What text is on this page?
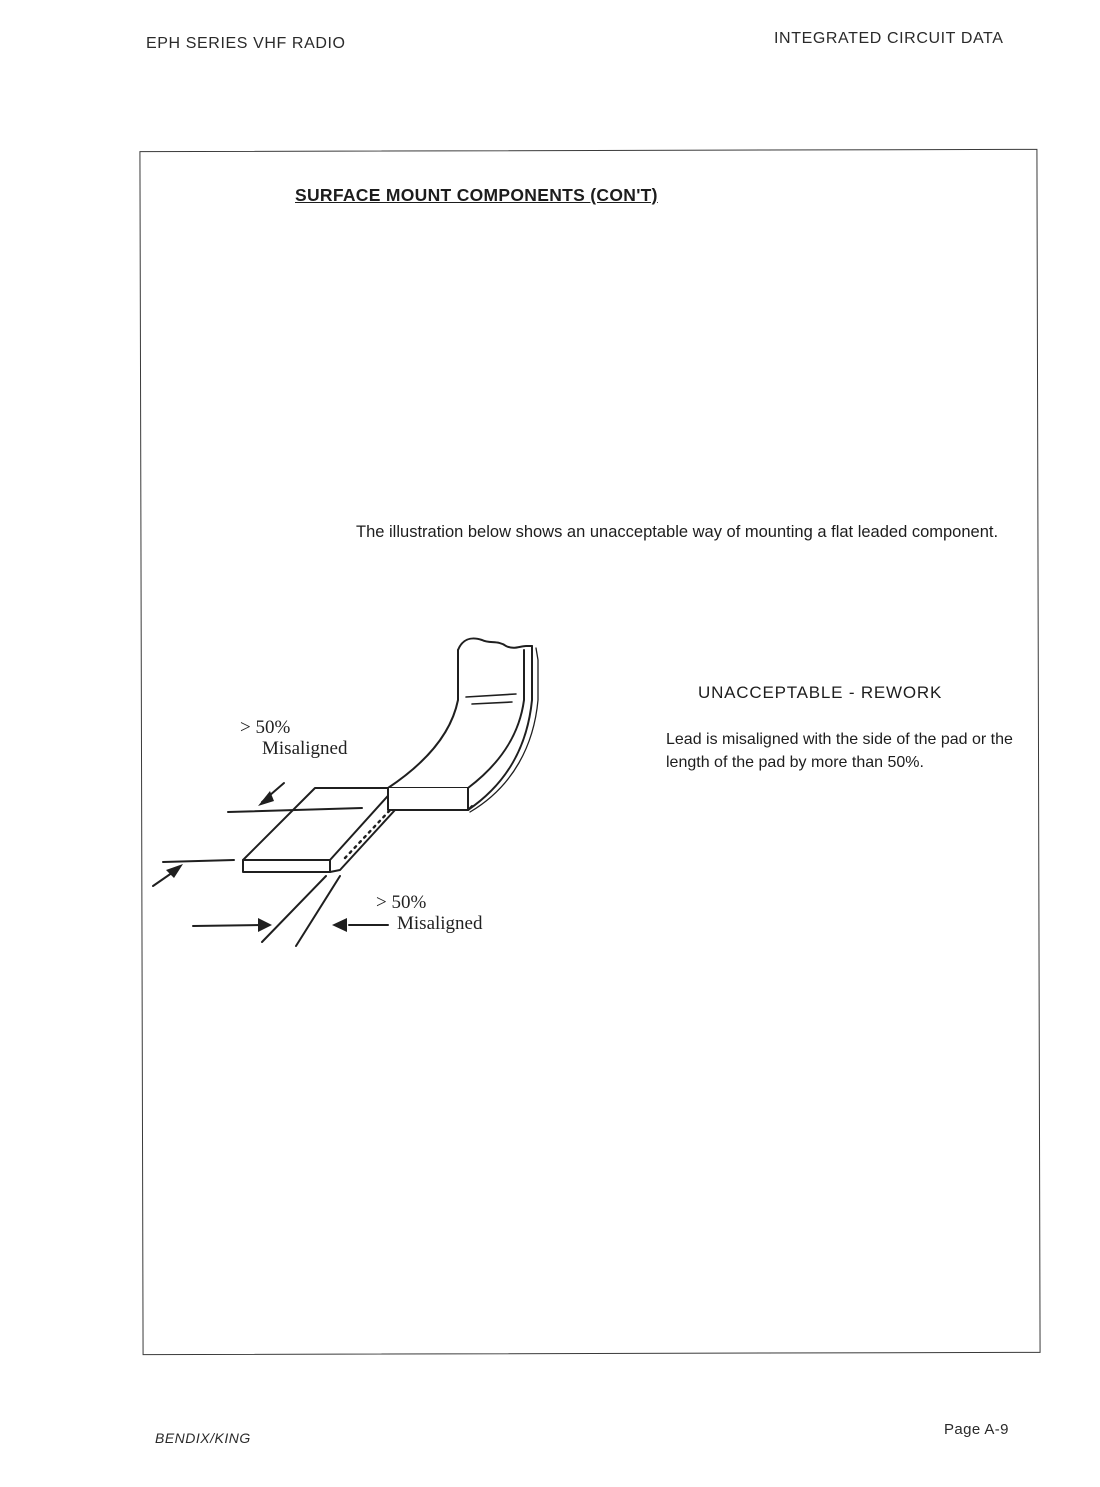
EPH SERIES VHF RADIO	INTEGRATED CIRCUIT DATA
SURFACE MOUNT COMPONENTS (CON'T)
The illustration below shows an unacceptable way of mounting a flat leaded component.
> 50%
Misaligned
> 50%
Misaligned
UNACCEPTABLE - REWORK
Lead is misaligned with the side of the pad or the length of the pad by more than 50%.
BENDIX/KING	Page A-9
